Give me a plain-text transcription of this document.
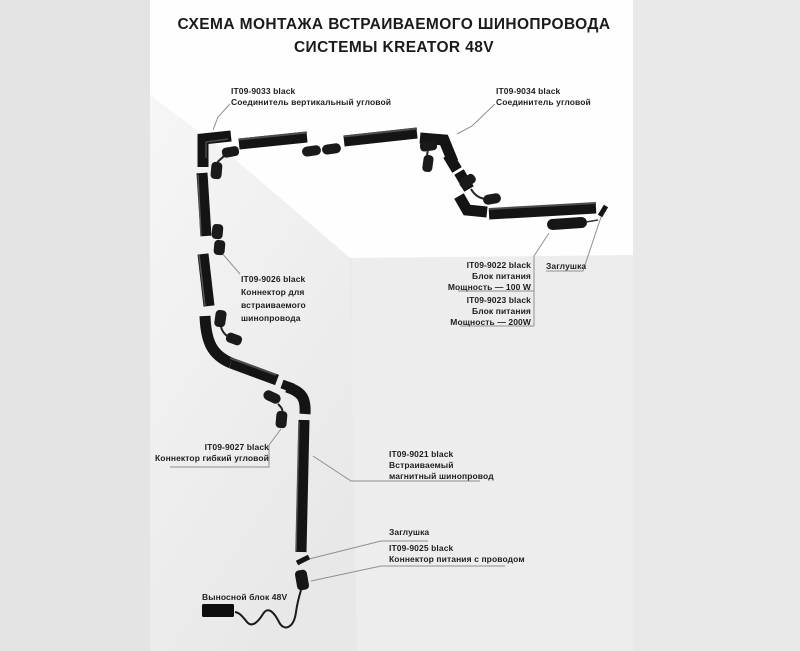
СХЕМА МОНТАЖА ВСТРАИВАЕМОГО ШИНОПРОВОДА СИСТЕМЫ KREATOR 48V
IT09-9033 black
Соединитель вертикальный угловой
IT09-9034 black
Соединитель угловой
IT09-9026 black
Коннектор для
встраиваемого
шинопровода
IT09-9022 black
Блок питания
Мощность — 100 W
IT09-9023 black
Блок питания
Мощность — 200W
Заглушка
IT09-9027 black
Коннектор гибкий угловой	IT09-9021 black
Встраиваемый
магнитный шинопровод
Заглушка
IT09-9025 black
Коннектор питания с проводом
Выносной блок 48V
